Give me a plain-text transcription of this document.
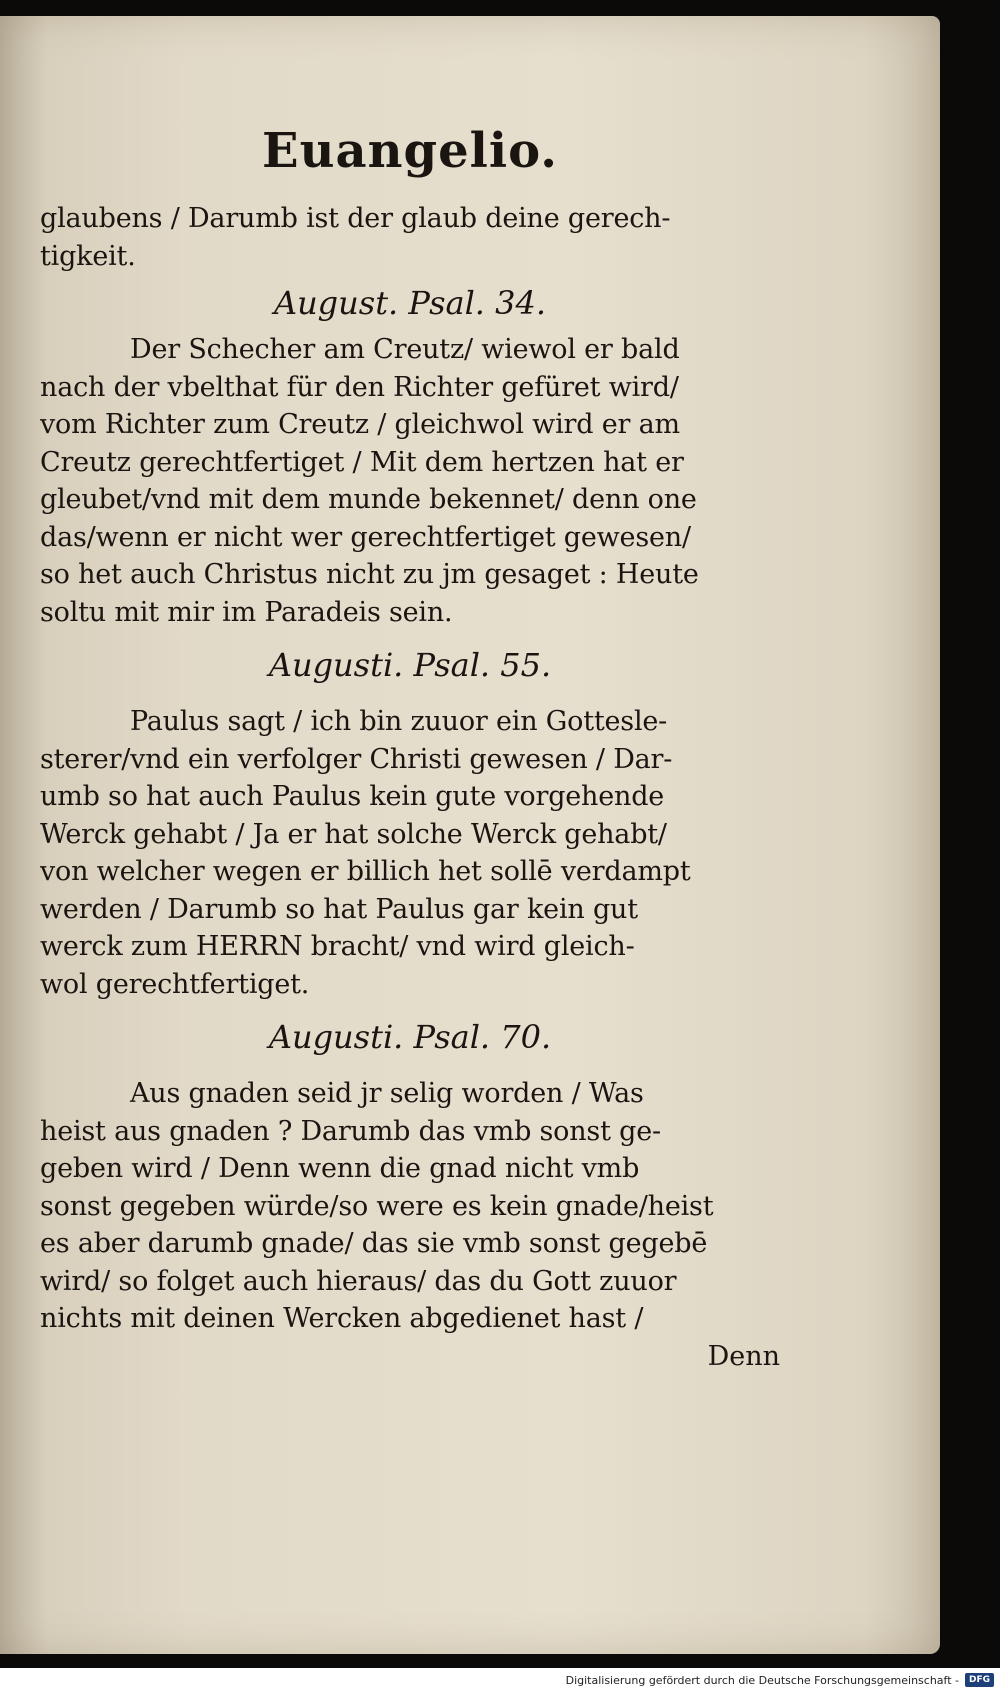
Euangelio.
glaubens / Darumb ist der glaub deine gerech-
tigkeit.
August. Psal. 34.
Der Schecher am Creutz/ wiewol er bald
nach der vbelthat für den Richter gefüret wird/
vom Richter zum Creutz / gleichwol wird er am
Creutz gerechtfertiget / Mit dem hertzen hat er
gleubet/vnd mit dem munde bekennet/ denn one
das/wenn er nicht wer gerechtfertiget gewesen/
so het auch Christus nicht zu jm gesaget : Heute
soltu mit mir im Paradeis sein.
Augusti. Psal. 55.
Paulus sagt / ich bin zuuor ein Gottesle-
sterer/vnd ein verfolger Christi gewesen / Dar-
umb so hat auch Paulus kein gute vorgehende
Werck gehabt / Ja er hat solche Werck gehabt/
von welcher wegen er billich het sollē verdampt
werden / Darumb so hat Paulus gar kein gut
werck zum HERRN bracht/ vnd wird gleich-
wol gerechtfertiget.
Augusti. Psal. 70.
Aus gnaden seid jr selig worden / Was
heist aus gnaden ? Darumb das vmb sonst ge-
geben wird / Denn wenn die gnad nicht vmb
sonst gegeben würde/so were es kein gnade/heist
es aber darumb gnade/ das sie vmb sonst gegebē
wird/ so folget auch hieraus/ das du Gott zuuor
nichts mit deinen Wercken abgedienet hast /
Denn
Digitalisierung gefördert durch die Deutsche Forschungsgemeinschaft -	DFG
